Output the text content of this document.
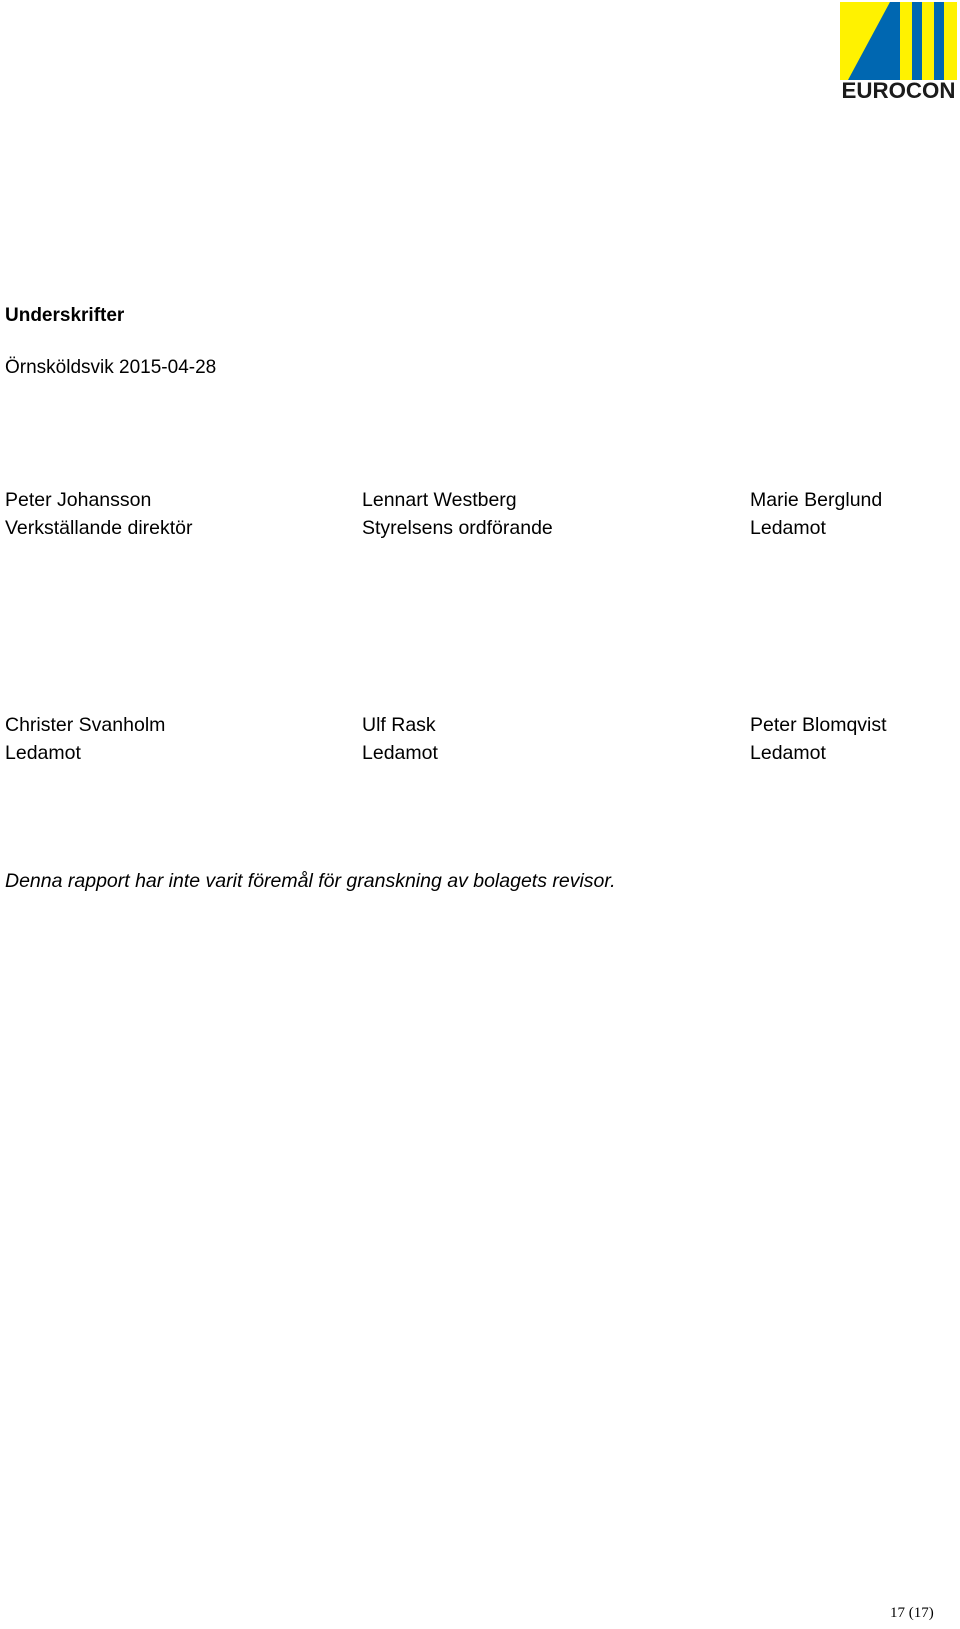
EUROCON
Underskrifter
Örnsköldsvik 2015-04-28
Peter Johansson
Verkställande direktör
Lennart Westberg
Styrelsens ordförande
Marie Berglund
Ledamot
Christer Svanholm
Ledamot
Ulf Rask
Ledamot
Peter Blomqvist
Ledamot
Denna rapport har inte varit föremål för granskning av bolagets revisor.
17 (17)
